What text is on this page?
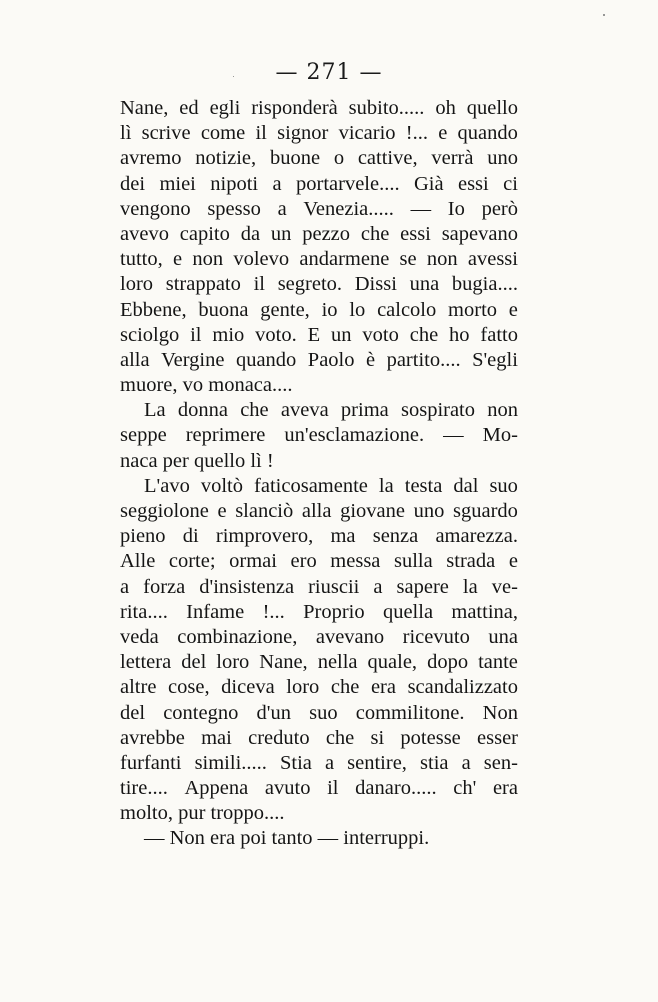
— 271 —
Nane, ed egli risponderà subito..... oh quello
lì scrive come il signor vicario !... e quando
avremo notizie, buone o cattive, verrà uno
dei miei nipoti a portarvele.... Già essi ci
vengono spesso a Venezia..... — Io però
avevo capito da un pezzo che essi sapevano
tutto, e non volevo andarmene se non avessi
loro strappato il segreto. Dissi una bugia....
Ebbene, buona gente, io lo calcolo morto e
sciolgo il mio voto. E un voto che ho fatto
alla Vergine quando Paolo è partito.... S'egli
muore, vo monaca....
La donna che aveva prima sospirato non
seppe reprimere un'esclamazione. — Mo-
naca per quello lì !
L'avo voltò faticosamente la testa dal suo
seggiolone e slanciò alla giovane uno sguardo
pieno di rimprovero, ma senza amarezza.
Alle corte; ormai ero messa sulla strada e
a forza d'insistenza riuscii a sapere la ve-
rita.... Infame !... Proprio quella mattina,
veda combinazione, avevano ricevuto una
lettera del loro Nane, nella quale, dopo tante
altre cose, diceva loro che era scandalizzato
del contegno d'un suo commilitone. Non
avrebbe mai creduto che si potesse esser
furfanti simili..... Stia a sentire, stia a sen-
tire.... Appena avuto il danaro..... ch' era
molto, pur troppo....
— Non era poi tanto — interruppi.
